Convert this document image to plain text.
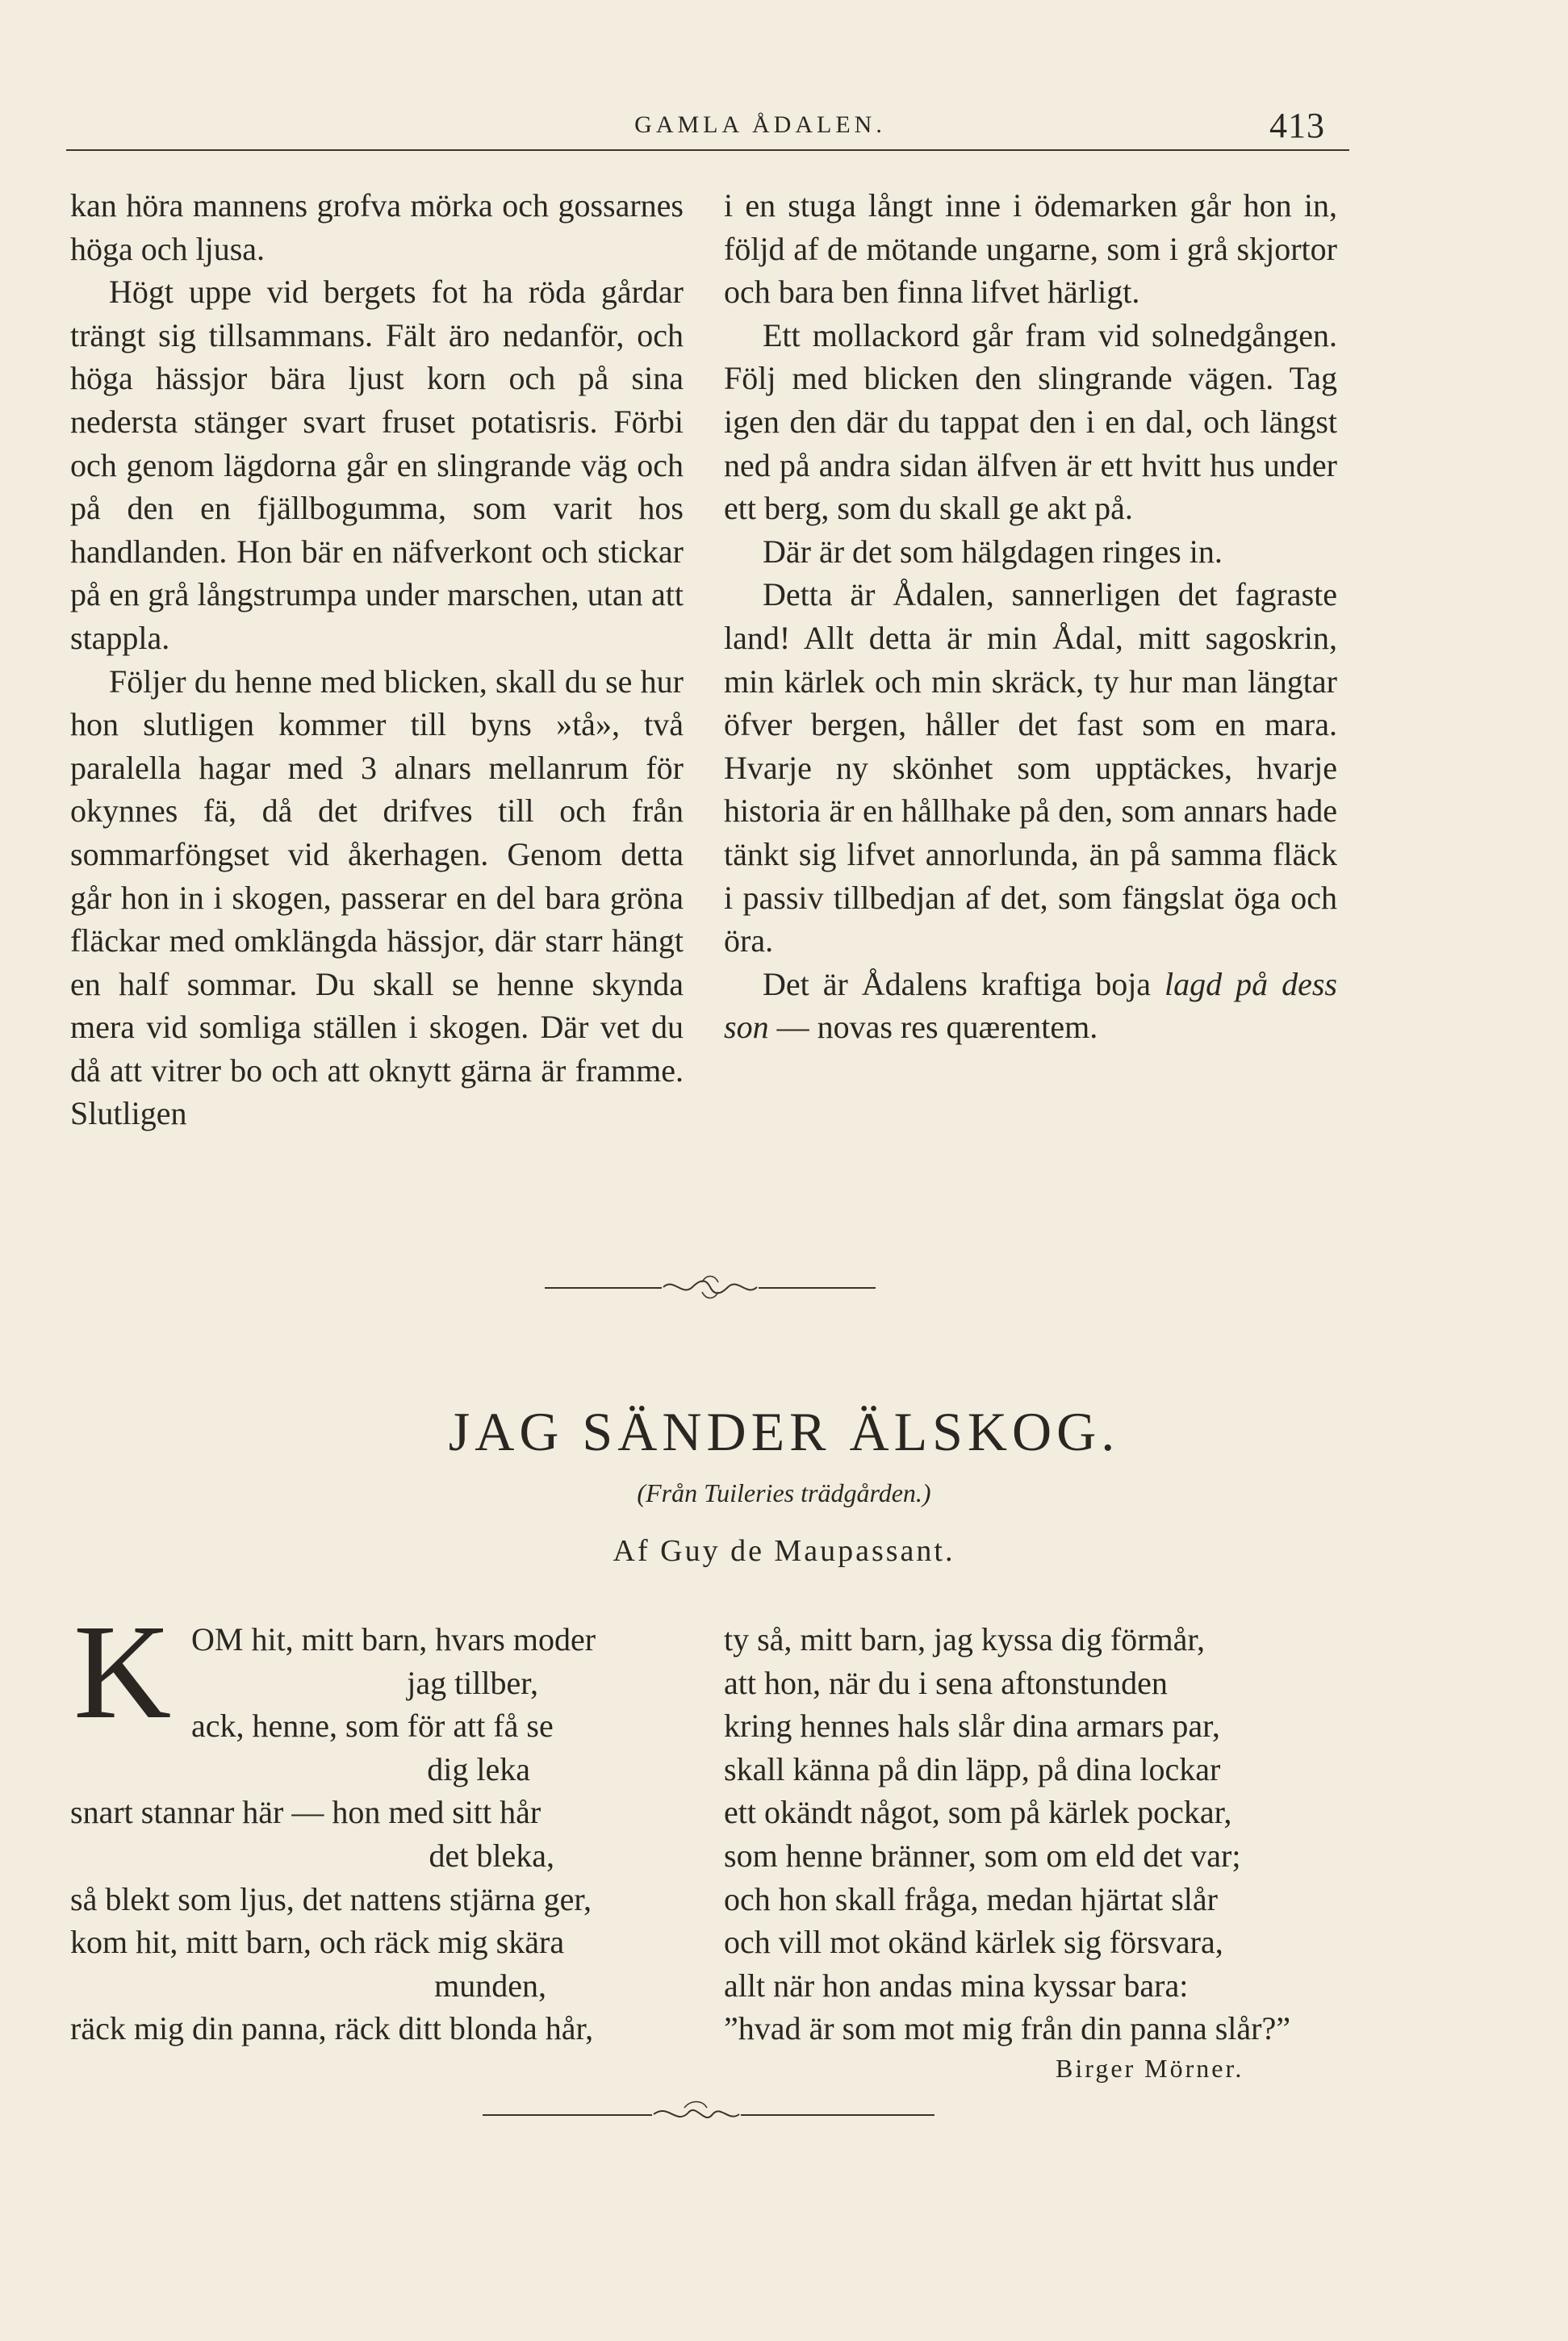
GAMLA ÅDALEN.	413

kan höra mannens grofva mörka och gossarnes höga och ljusa.

Högt uppe vid bergets fot ha röda gårdar trängt sig tillsammans. Fält äro nedanför, och höga hässjor bära ljust korn och på sina nedersta stänger svart fruset potatisris. Förbi och genom lägdorna går en slingrande väg och på den en fjällbogumma, som varit hos handlanden. Hon bär en näfverkont och stickar på en grå långstrumpa under marschen, utan att stappla.

Följer du henne med blicken, skall du se hur hon slutligen kommer till byns »tå», två paralella hagar med 3 alnars mellanrum för okynnes fä, då det drifves till och från sommarföngset vid åkerhagen. Genom detta går hon in i skogen, passerar en del bara gröna fläckar med omklängda hässjor, där starr hängt en half sommar. Du skall se henne skynda mera vid somliga ställen i skogen. Där vet du då att vitrer bo och att oknytt gärna är framme. Slutligen

i en stuga långt inne i ödemarken går hon in, följd af de mötande ungarne, som i grå skjortor och bara ben finna lifvet härligt.

Ett mollackord går fram vid solnedgången. Följ med blicken den slingrande vägen. Tag igen den där du tappat den i en dal, och längst ned på andra sidan älfven är ett hvitt hus under ett berg, som du skall ge akt på.

Där är det som hälgdagen ringes in.

Detta är Ådalen, sannerligen det fagraste land! Allt detta är min Ådal, mitt sagoskrin, min kärlek och min skräck, ty hur man längtar öfver bergen, håller det fast som en mara. Hvarje ny skönhet som upptäckes, hvarje historia är en hållhake på den, som annars hade tänkt sig lifvet annorlunda, än på samma fläck i passiv tillbedjan af det, som fängslat öga och öra.

Det är Ådalens kraftiga boja lagd på dess son — novas res quærentem.

JAG SÄNDER ÄLSKOG.
(Från Tuileries trädgården.)
Af Guy de Maupassant.
K OM hit, mitt barn, hvars moder
jag tillber,
ack, henne, som för att få se
dig leka
snart stannar här — hon med sitt hår
det bleka,
så blekt som ljus, det nattens stjärna ger,
kom hit, mitt barn, och räck mig skära
munden,
räck mig din panna, räck ditt blonda hår,
ty så, mitt barn, jag kyssa dig förmår,
att hon, när du i sena aftonstunden
kring hennes hals slår dina armars par,
skall känna på din läpp, på dina lockar
ett okändt något, som på kärlek pockar,
som henne bränner, som om eld det var;
och hon skall fråga, medan hjärtat slår
och vill mot okänd kärlek sig försvara,
allt när hon andas mina kyssar bara:
”hvad är som mot mig från din panna slår?”
Birger Mörner.
